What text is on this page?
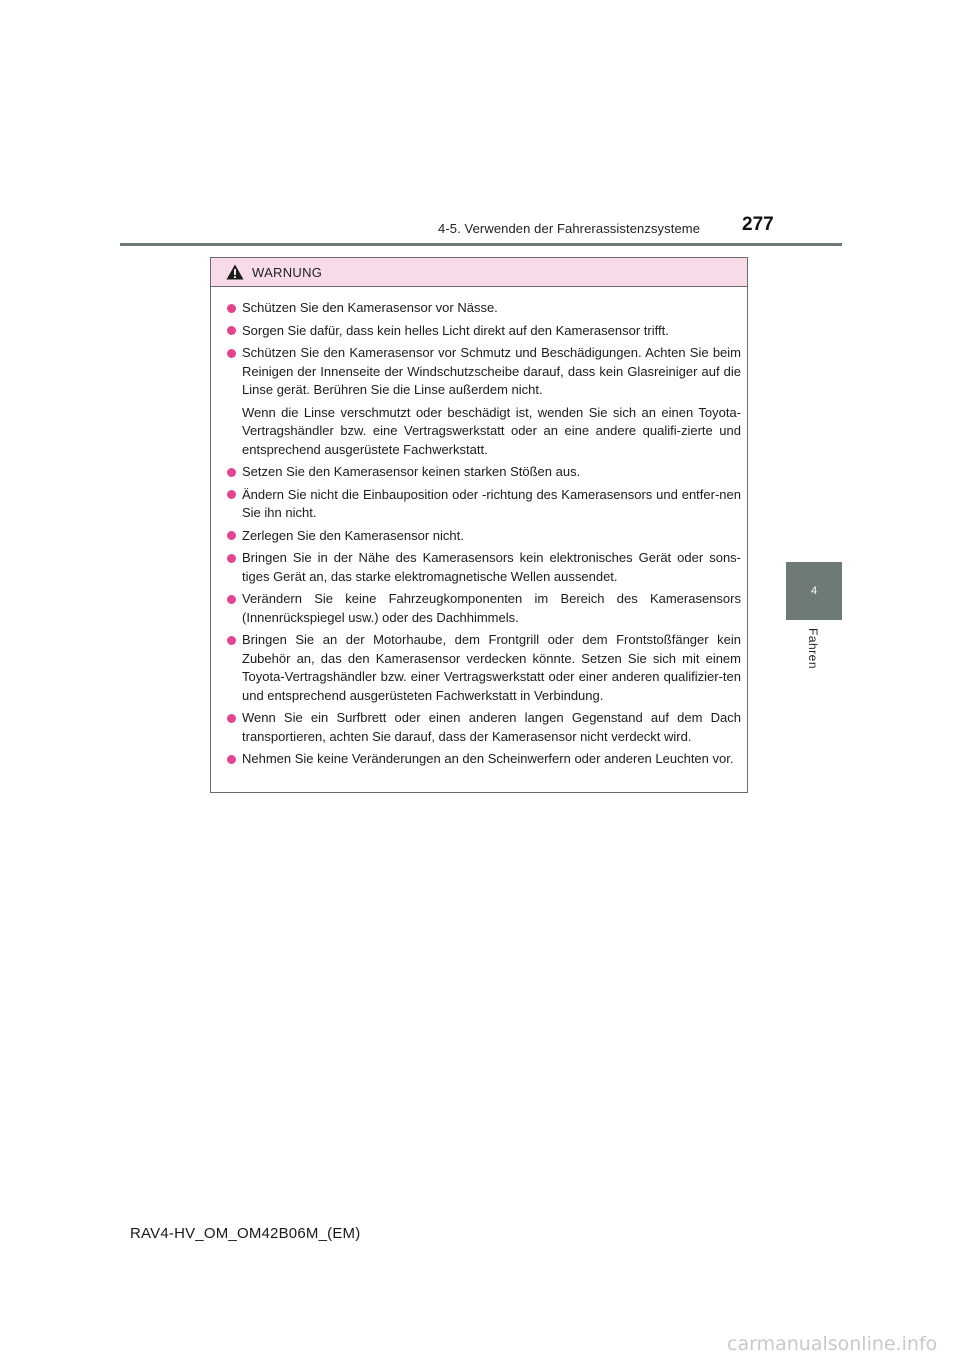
4-5. Verwenden der Fahrerassistenzsysteme 277
4
Fahren
WARNUNG

Schützen Sie den Kamerasensor vor Nässe.

Sorgen Sie dafür, dass kein helles Licht direkt auf den Kamerasensor trifft.

Schützen Sie den Kamerasensor vor Schmutz und Beschädigungen. Achten Sie beim Reinigen der Innenseite der Windschutzscheibe darauf, dass kein Glasreiniger auf die Linse gerät. Berühren Sie die Linse außerdem nicht.

Wenn die Linse verschmutzt oder beschädigt ist, wenden Sie sich an einen Toyota-Vertragshändler bzw. eine Vertragswerkstatt oder an eine andere qualifi-zierte und entsprechend ausgerüstete Fachwerkstatt.

Setzen Sie den Kamerasensor keinen starken Stößen aus.

Ändern Sie nicht die Einbauposition oder -richtung des Kamerasensors und entfer-nen Sie ihn nicht.

Zerlegen Sie den Kamerasensor nicht.

Bringen Sie in der Nähe des Kamerasensors kein elektronisches Gerät oder sons-tiges Gerät an, das starke elektromagnetische Wellen aussendet.

Verändern Sie keine Fahrzeugkomponenten im Bereich des Kamerasensors (Innenrückspiegel usw.) oder des Dachhimmels.

Bringen Sie an der Motorhaube, dem Frontgrill oder dem Frontstoßfänger kein Zubehör an, das den Kamerasensor verdecken könnte. Setzen Sie sich mit einem Toyota-Vertragshändler bzw. einer Vertragswerkstatt oder einer anderen qualifizier-ten und entsprechend ausgerüsteten Fachwerkstatt in Verbindung.

Wenn Sie ein Surfbrett oder einen anderen langen Gegenstand auf dem Dach transportieren, achten Sie darauf, dass der Kamerasensor nicht verdeckt wird.

Nehmen Sie keine Veränderungen an den Scheinwerfern oder anderen Leuchten vor.

RAV4-HV_OM_OM42B06M_(EM)
carmanualsonline.info
